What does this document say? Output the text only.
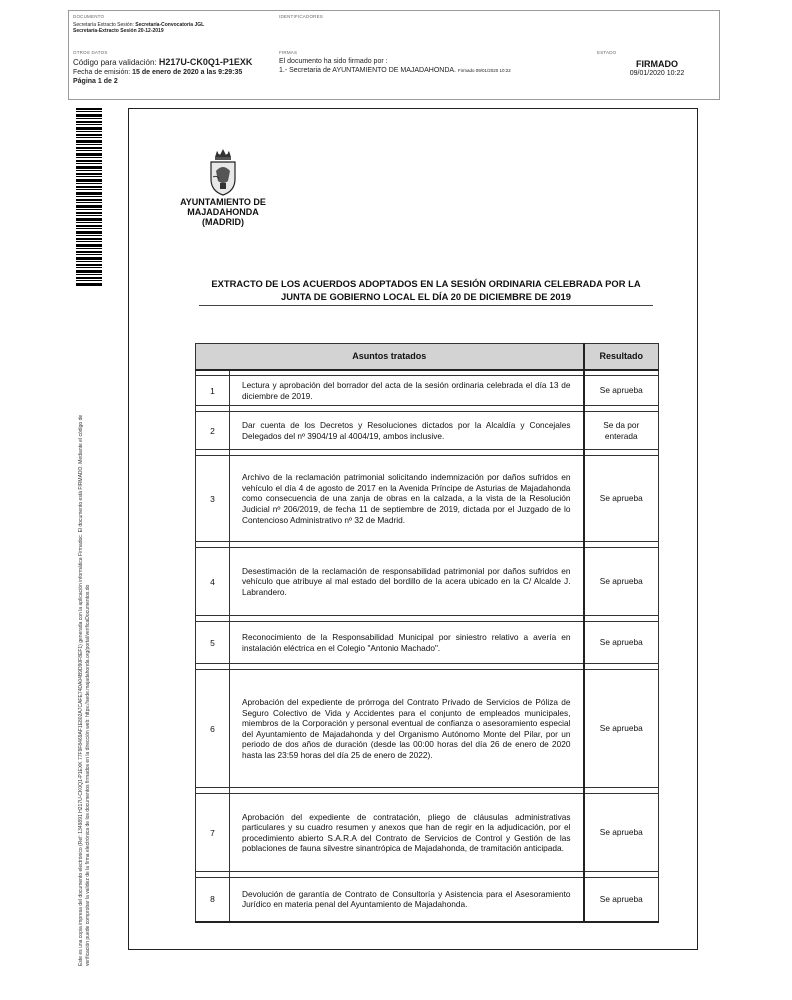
DOCUMENTO
Secretaría Extracto Sesión: Secretaría-Convocatoria JGL
Secretaría-Extracto Sesión 20-12-2019
IDENTIFICADORES
OTROS DATOS
Código para validación: H217U-CK0Q1-P1EXK
Fecha de emisión: 15 de enero de 2020 a las 9:29:35
Página 1 de 2
FIRMAS
El documento ha sido firmado por :
1.- Secretaria de AYUNTAMIENTO DE MAJADAHONDA. Firmado 09/01/2020 10:22
ESTADO
FIRMADO
09/01/2020 10:22
Este es una copia impresa del documento electrónico (Ref: 1349891 H217U-CK0Q1-P1EXK 77F9F8469AF1E802A7CAFE74DA04B9D90F8EF1) generada con la aplicación informática Firmadoc. El documento está FIRMADO. Mediante el código de verificación puede comprobar la validez de la firma electrónica de los documentos firmados en la dirección web: https://sede.majadahonda.org/portal/verificaDocumentos.do
AYUNTAMIENTO DE
MAJADAHONDA
(MADRID)
EXTRACTO DE LOS ACUERDOS ADOPTADOS EN LA SESIÓN ORDINARIA CELEBRADA POR LA
JUNTA DE GOBIERNO LOCAL EL DÍA 20 DE DICIEMBRE DE 2019
Asuntos tratados		Resultado

1	Lectura y aprobación del borrador del acta de la sesión ordinaria celebrada el día 13 de diciembre de 2019.	Se aprueba

2	Dar cuenta de los Decretos y Resoluciones dictados por la Alcaldía y Concejales Delegados del nº 3904/19 al 4004/19, ambos inclusive.	Se da por enterada

3	Archivo de la reclamación patrimonial solicitando indemnización por daños sufridos en vehículo el día 4 de agosto de 2017 en la Avenida Príncipe de Asturias de Majadahonda como consecuencia de una zanja de obras en la calzada, a la vista de la Resolución Judicial nº 206/2019, de fecha 11 de septiembre de 2019, dictada por el Juzgado de lo Contencioso Administrativo nº 32 de Madrid.	Se aprueba

4	Desestimación de la reclamación de responsabilidad patrimonial por daños sufridos en vehículo que atribuye al mal estado del bordillo de la acera ubicado en la C/ Alcalde J. Labrandero.	Se aprueba

5	Reconocimiento de la Responsabilidad Municipal por siniestro relativo a avería en instalación eléctrica en el Colegio "Antonio Machado".	Se aprueba

6	Aprobación del expediente de prórroga del Contrato Privado de Servicios de Póliza de Seguro Colectivo de Vida y Accidentes para el conjunto de empleados municipales, miembros de la Corporación y personal eventual de confianza o asesoramiento especial del Ayuntamiento de Majadahonda y del Organismo Autónomo Monte del Pilar, por un periodo de dos años de duración (desde las 00:00 horas del día 26 de enero de 2020 hasta las 23:59 horas del día 25 de enero de 2022).	Se aprueba

7	Aprobación del expediente de contratación, pliego de cláusulas administrativas particulares y su cuadro resumen y anexos que han de regir en la adjudicación, por el procedimiento abierto S.A.R.A del Contrato de Servicios de Control y Gestión de las poblaciones de fauna silvestre sinantrópica de Majadahonda, de tramitación anticipada.	Se aprueba

8	Devolución de garantía de Contrato de Consultoría y Asistencia para el Asesoramiento Jurídico en materia penal del Ayuntamiento de Majadahonda.	Se aprueba
